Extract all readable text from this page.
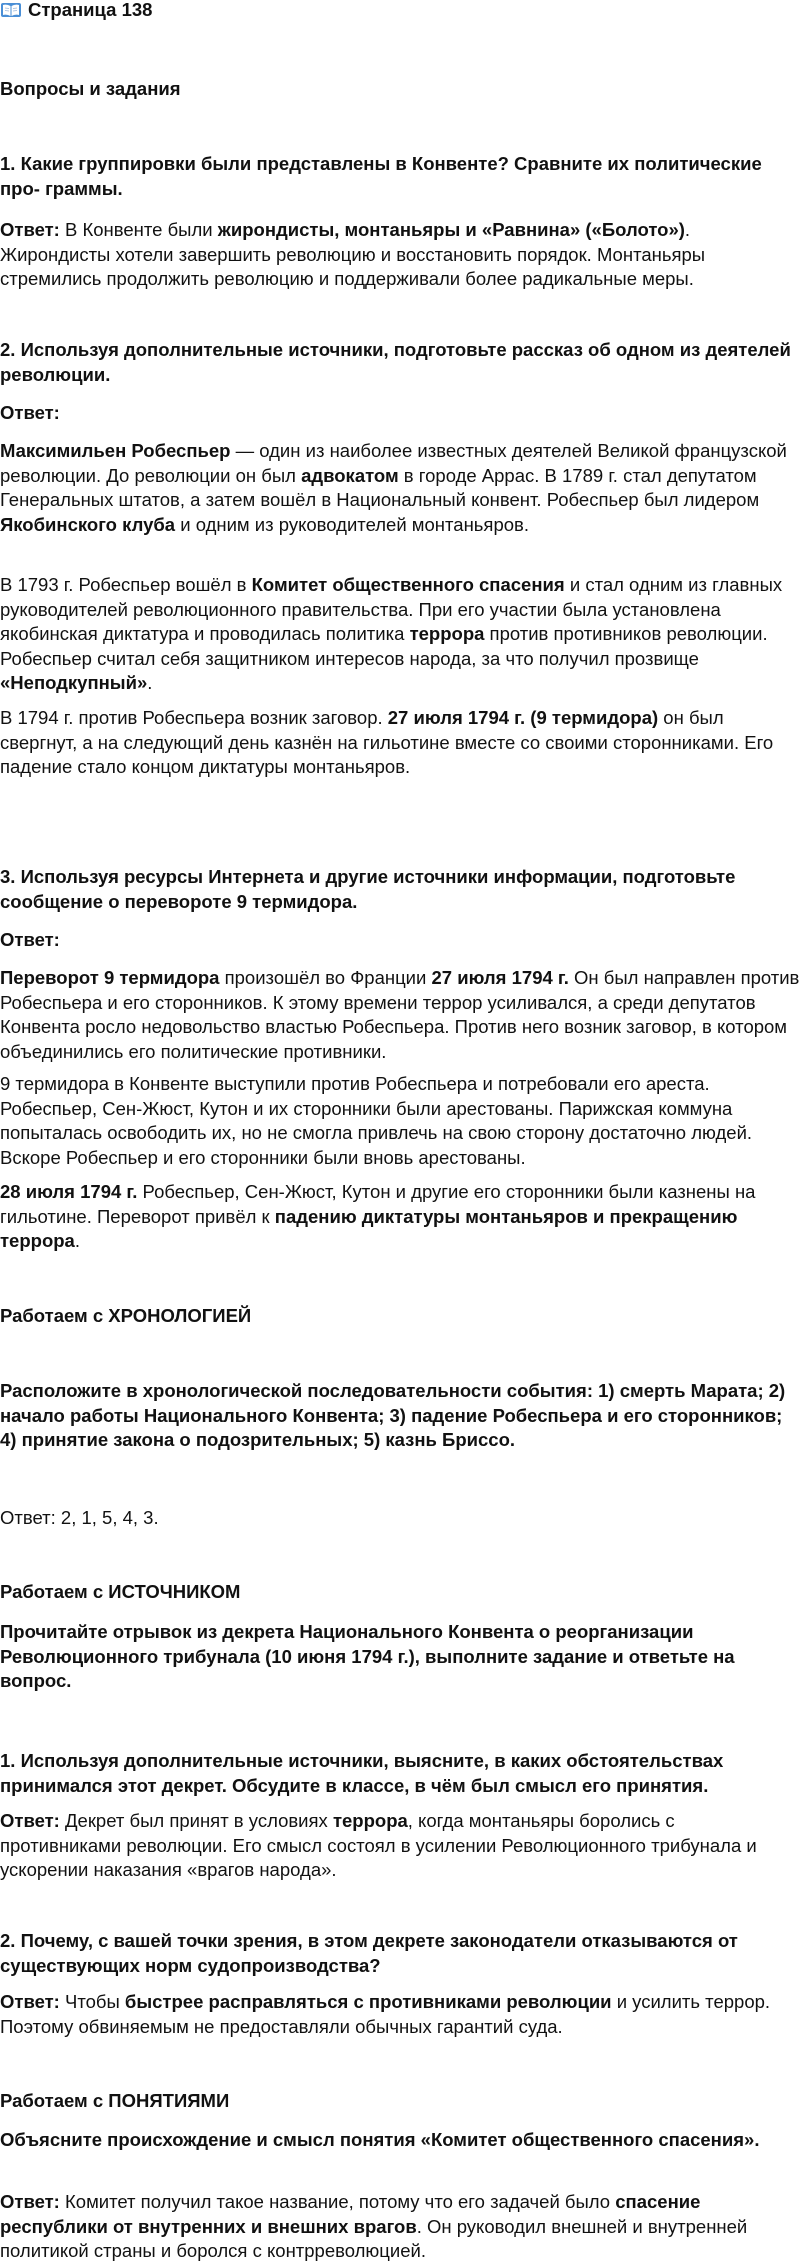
Страница 138

Вопросы и задания

1. Какие группировки были представлены в Конвенте? Сравните их политические про- граммы.

Ответ: В Конвенте были жирондисты, монтаньяры и «Равнина» («Болото»). Жирондисты хотели завершить революцию и восстановить порядок. Монтаньяры стремились продолжить революцию и поддерживали более радикальные меры.

2. Используя дополнительные источники, подготовьте рассказ об одном из деятелей революции.

Ответ:

Максимильен Робеспьер — один из наиболее известных деятелей Великой французской революции. До революции он был адвокатом в городе Аррас. В 1789 г. стал депутатом Генеральных штатов, а затем вошёл в Национальный конвент. Робеспьер был лидером Якобинского клуба и одним из руководителей монтаньяров.

В 1793 г. Робеспьер вошёл в Комитет общественного спасения и стал одним из главных руководителей революционного правительства. При его участии была установлена якобинская диктатура и проводилась политика террора против противников революции. Робеспьер считал себя защитником интересов народа, за что получил прозвище «Неподкупный».

В 1794 г. против Робеспьера возник заговор. 27 июля 1794 г. (9 термидора) он был свергнут, а на следующий день казнён на гильотине вместе со своими сторонниками. Его падение стало концом диктатуры монтаньяров.

3. Используя ресурсы Интернета и другие источники информации, подготовьте сообщение о перевороте 9 термидора.

Ответ:

Переворот 9 термидора произошёл во Франции 27 июля 1794 г. Он был направлен против Робеспьера и его сторонников. К этому времени террор усиливался, а среди депутатов Конвента росло недовольство властью Робеспьера. Против него возник заговор, в котором объединились его политические противники.

9 термидора в Конвенте выступили против Робеспьера и потребовали его ареста. Робеспьер, Сен-Жюст, Кутон и их сторонники были арестованы. Парижская коммуна попыталась освободить их, но не смогла привлечь на свою сторону достаточно людей. Вскоре Робеспьер и его сторонники были вновь арестованы.

28 июля 1794 г. Робеспьер, Сен-Жюст, Кутон и другие его сторонники были казнены на гильотине. Переворот привёл к падению диктатуры монтаньяров и прекращению террора.

Работаем с ХРОНОЛОГИЕЙ

Расположите в хронологической последовательности события: 1) смерть Марата; 2) начало работы Национального Конвента; 3) падение Робеспьера и его сторонников; 4) принятие закона о подозрительных; 5) казнь Бриссо.

Ответ: 2, 1, 5, 4, 3.

Работаем с ИСТОЧНИКОМ

Прочитайте отрывок из декрета Национального Конвента о реорганизации Революционного трибунала (10 июня 1794 г.), выполните задание и ответьте на вопрос.

1. Используя дополнительные источники, выясните, в каких обстоятельствах принимался этот декрет. Обсудите в классе, в чём был смысл его принятия.

Ответ: Декрет был принят в условиях террора, когда монтаньяры боролись с противниками революции. Его смысл состоял в усилении Революционного трибунала и ускорении наказания «врагов народа».

2. Почему, с вашей точки зрения, в этом декрете законодатели отказываются от существующих норм судопроизводства?

Ответ: Чтобы быстрее расправляться с противниками революции и усилить террор. Поэтому обвиняемым не предоставляли обычных гарантий суда.

Работаем с ПОНЯТИЯМИ

Объясните происхождение и смысл понятия «Комитет общественного спасения».

Ответ: Комитет получил такое название, потому что его задачей было спасение республики от внутренних и внешних врагов. Он руководил внешней и внутренней политикой страны и боролся с контрреволюцией.
